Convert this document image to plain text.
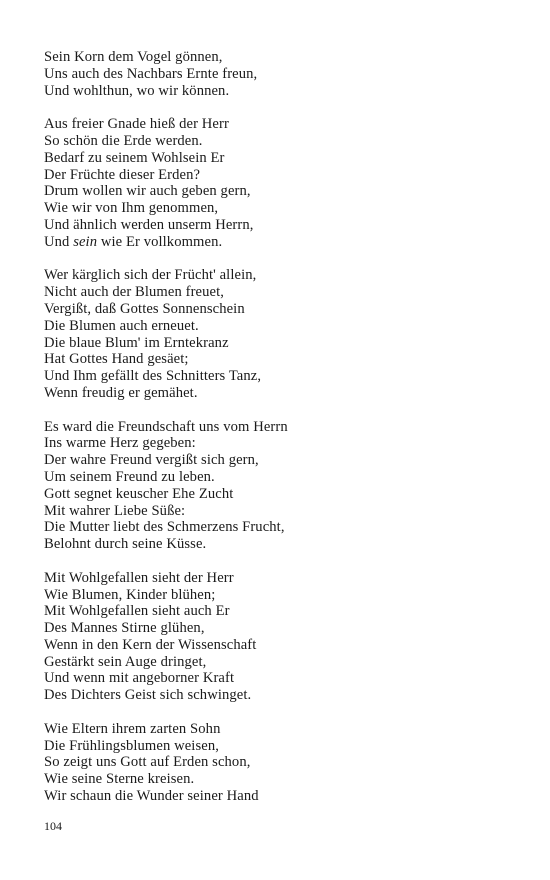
Sein Korn dem Vogel gönnen,
Uns auch des Nachbars Ernte freun,
Und wohlthun, wo wir können.
Aus freier Gnade hieß der Herr
So schön die Erde werden.
Bedarf zu seinem Wohlsein Er
Der Früchte dieser Erden?
Drum wollen wir auch geben gern,
Wie wir von Ihm genommen,
Und ähnlich werden unserm Herrn,
Und sein wie Er vollkommen.
Wer kärglich sich der Frücht' allein,
Nicht auch der Blumen freuet,
Vergißt, daß Gottes Sonnenschein
Die Blumen auch erneuet.
Die blaue Blum' im Erntekranz
Hat Gottes Hand gesäet;
Und Ihm gefällt des Schnitters Tanz,
Wenn freudig er gemähet.
Es ward die Freundschaft uns vom Herrn
Ins warme Herz gegeben:
Der wahre Freund vergißt sich gern,
Um seinem Freund zu leben.
Gott segnet keuscher Ehe Zucht
Mit wahrer Liebe Süße:
Die Mutter liebt des Schmerzens Frucht,
Belohnt durch seine Küsse.
Mit Wohlgefallen sieht der Herr
Wie Blumen, Kinder blühen;
Mit Wohlgefallen sieht auch Er
Des Mannes Stirne glühen,
Wenn in den Kern der Wissenschaft
Gestärkt sein Auge dringet,
Und wenn mit angeborner Kraft
Des Dichters Geist sich schwinget.
Wie Eltern ihrem zarten Sohn
Die Frühlingsblumen weisen,
So zeigt uns Gott auf Erden schon,
Wie seine Sterne kreisen.
Wir schaun die Wunder seiner Hand
104
